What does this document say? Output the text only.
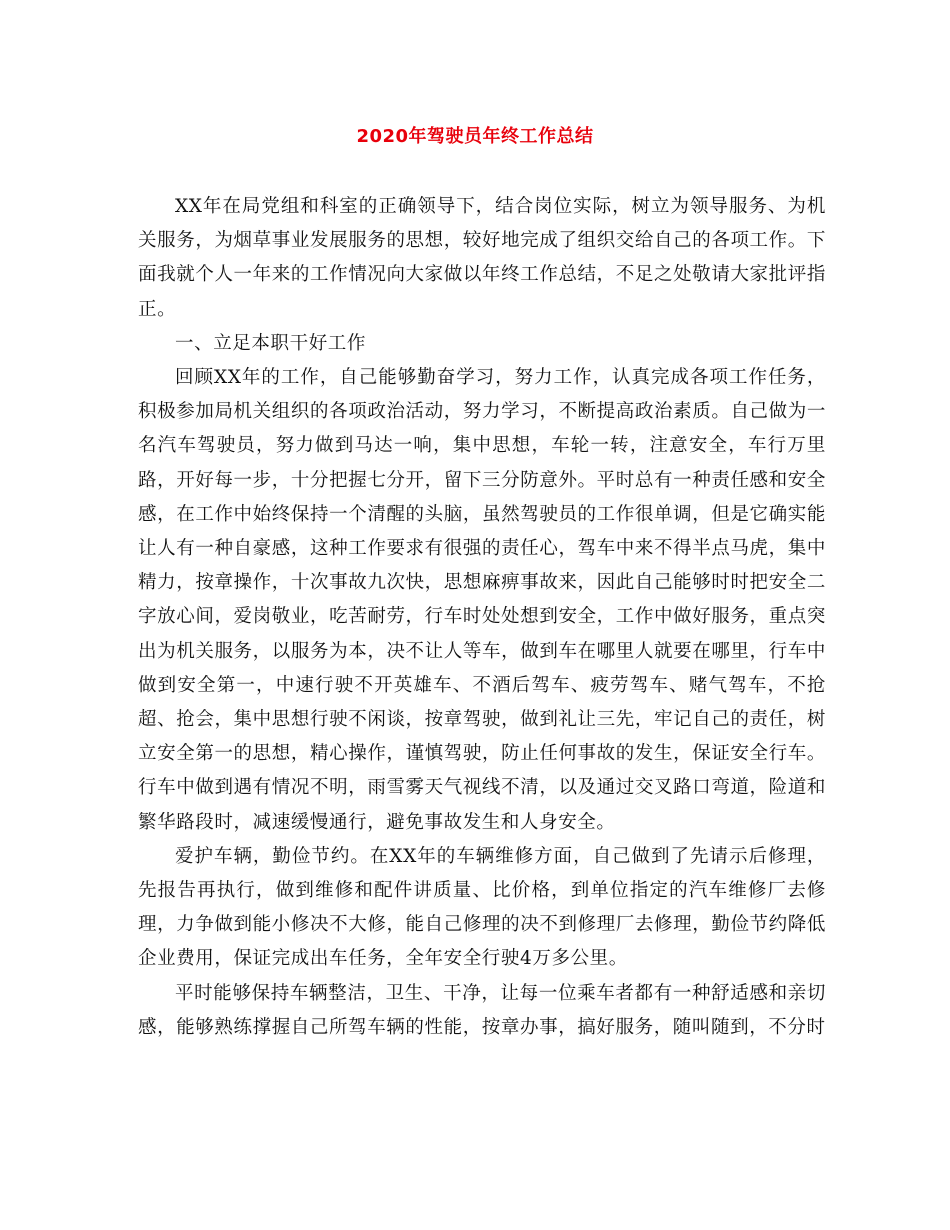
2020年驾驶员年终工作总结

XX年在局党组和科室的正确领导下，结合岗位实际，树立为领导服务、为机关服务，为烟草事业发展服务的思想，较好地完成了组织交给自己的各项工作。下面我就个人一年来的工作情况向大家做以年终工作总结，不足之处敬请大家批评指正。

一、立足本职干好工作

回顾XX年的工作，自己能够勤奋学习，努力工作，认真完成各项工作任务，积极参加局机关组织的各项政治活动，努力学习，不断提高政治素质。自己做为一名汽车驾驶员，努力做到马达一响，集中思想，车轮一转，注意安全，车行万里路，开好每一步，十分把握七分开，留下三分防意外。平时总有一种责任感和安全感，在工作中始终保持一个清醒的头脑，虽然驾驶员的工作很单调，但是它确实能让人有一种自豪感，这种工作要求有很强的责任心，驾车中来不得半点马虎，集中精力，按章操作，十次事故九次快，思想麻痹事故来，因此自己能够时时把安全二字放心间，爱岗敬业，吃苦耐劳，行车时处处想到安全，工作中做好服务，重点突出为机关服务，以服务为本，决不让人等车，做到车在哪里人就要在哪里，行车中做到安全第一，中速行驶不开英雄车、不酒后驾车、疲劳驾车、赌气驾车，不抢超、抢会，集中思想行驶不闲谈，按章驾驶，做到礼让三先，牢记自己的责任，树立安全第一的思想，精心操作，谨慎驾驶，防止任何事故的发生，保证安全行车。行车中做到遇有情况不明，雨雪雾天气视线不清，以及通过交叉路口弯道，险道和繁华路段时，减速缓慢通行，避免事故发生和人身安全。

爱护车辆，勤俭节约。在XX年的车辆维修方面，自己做到了先请示后修理，先报告再执行，做到维修和配件讲质量、比价格，到单位指定的汽车维修厂去修理，力争做到能小修决不大修，能自己修理的决不到修理厂去修理，勤俭节约降低企业费用，保证完成出车任务，全年安全行驶4万多公里。

平时能够保持车辆整洁，卫生、干净，让每一位乘车者都有一种舒适感和亲切感，能够熟练撑握自己所驾车辆的性能，按章办事，搞好服务，随叫随到，不分时
